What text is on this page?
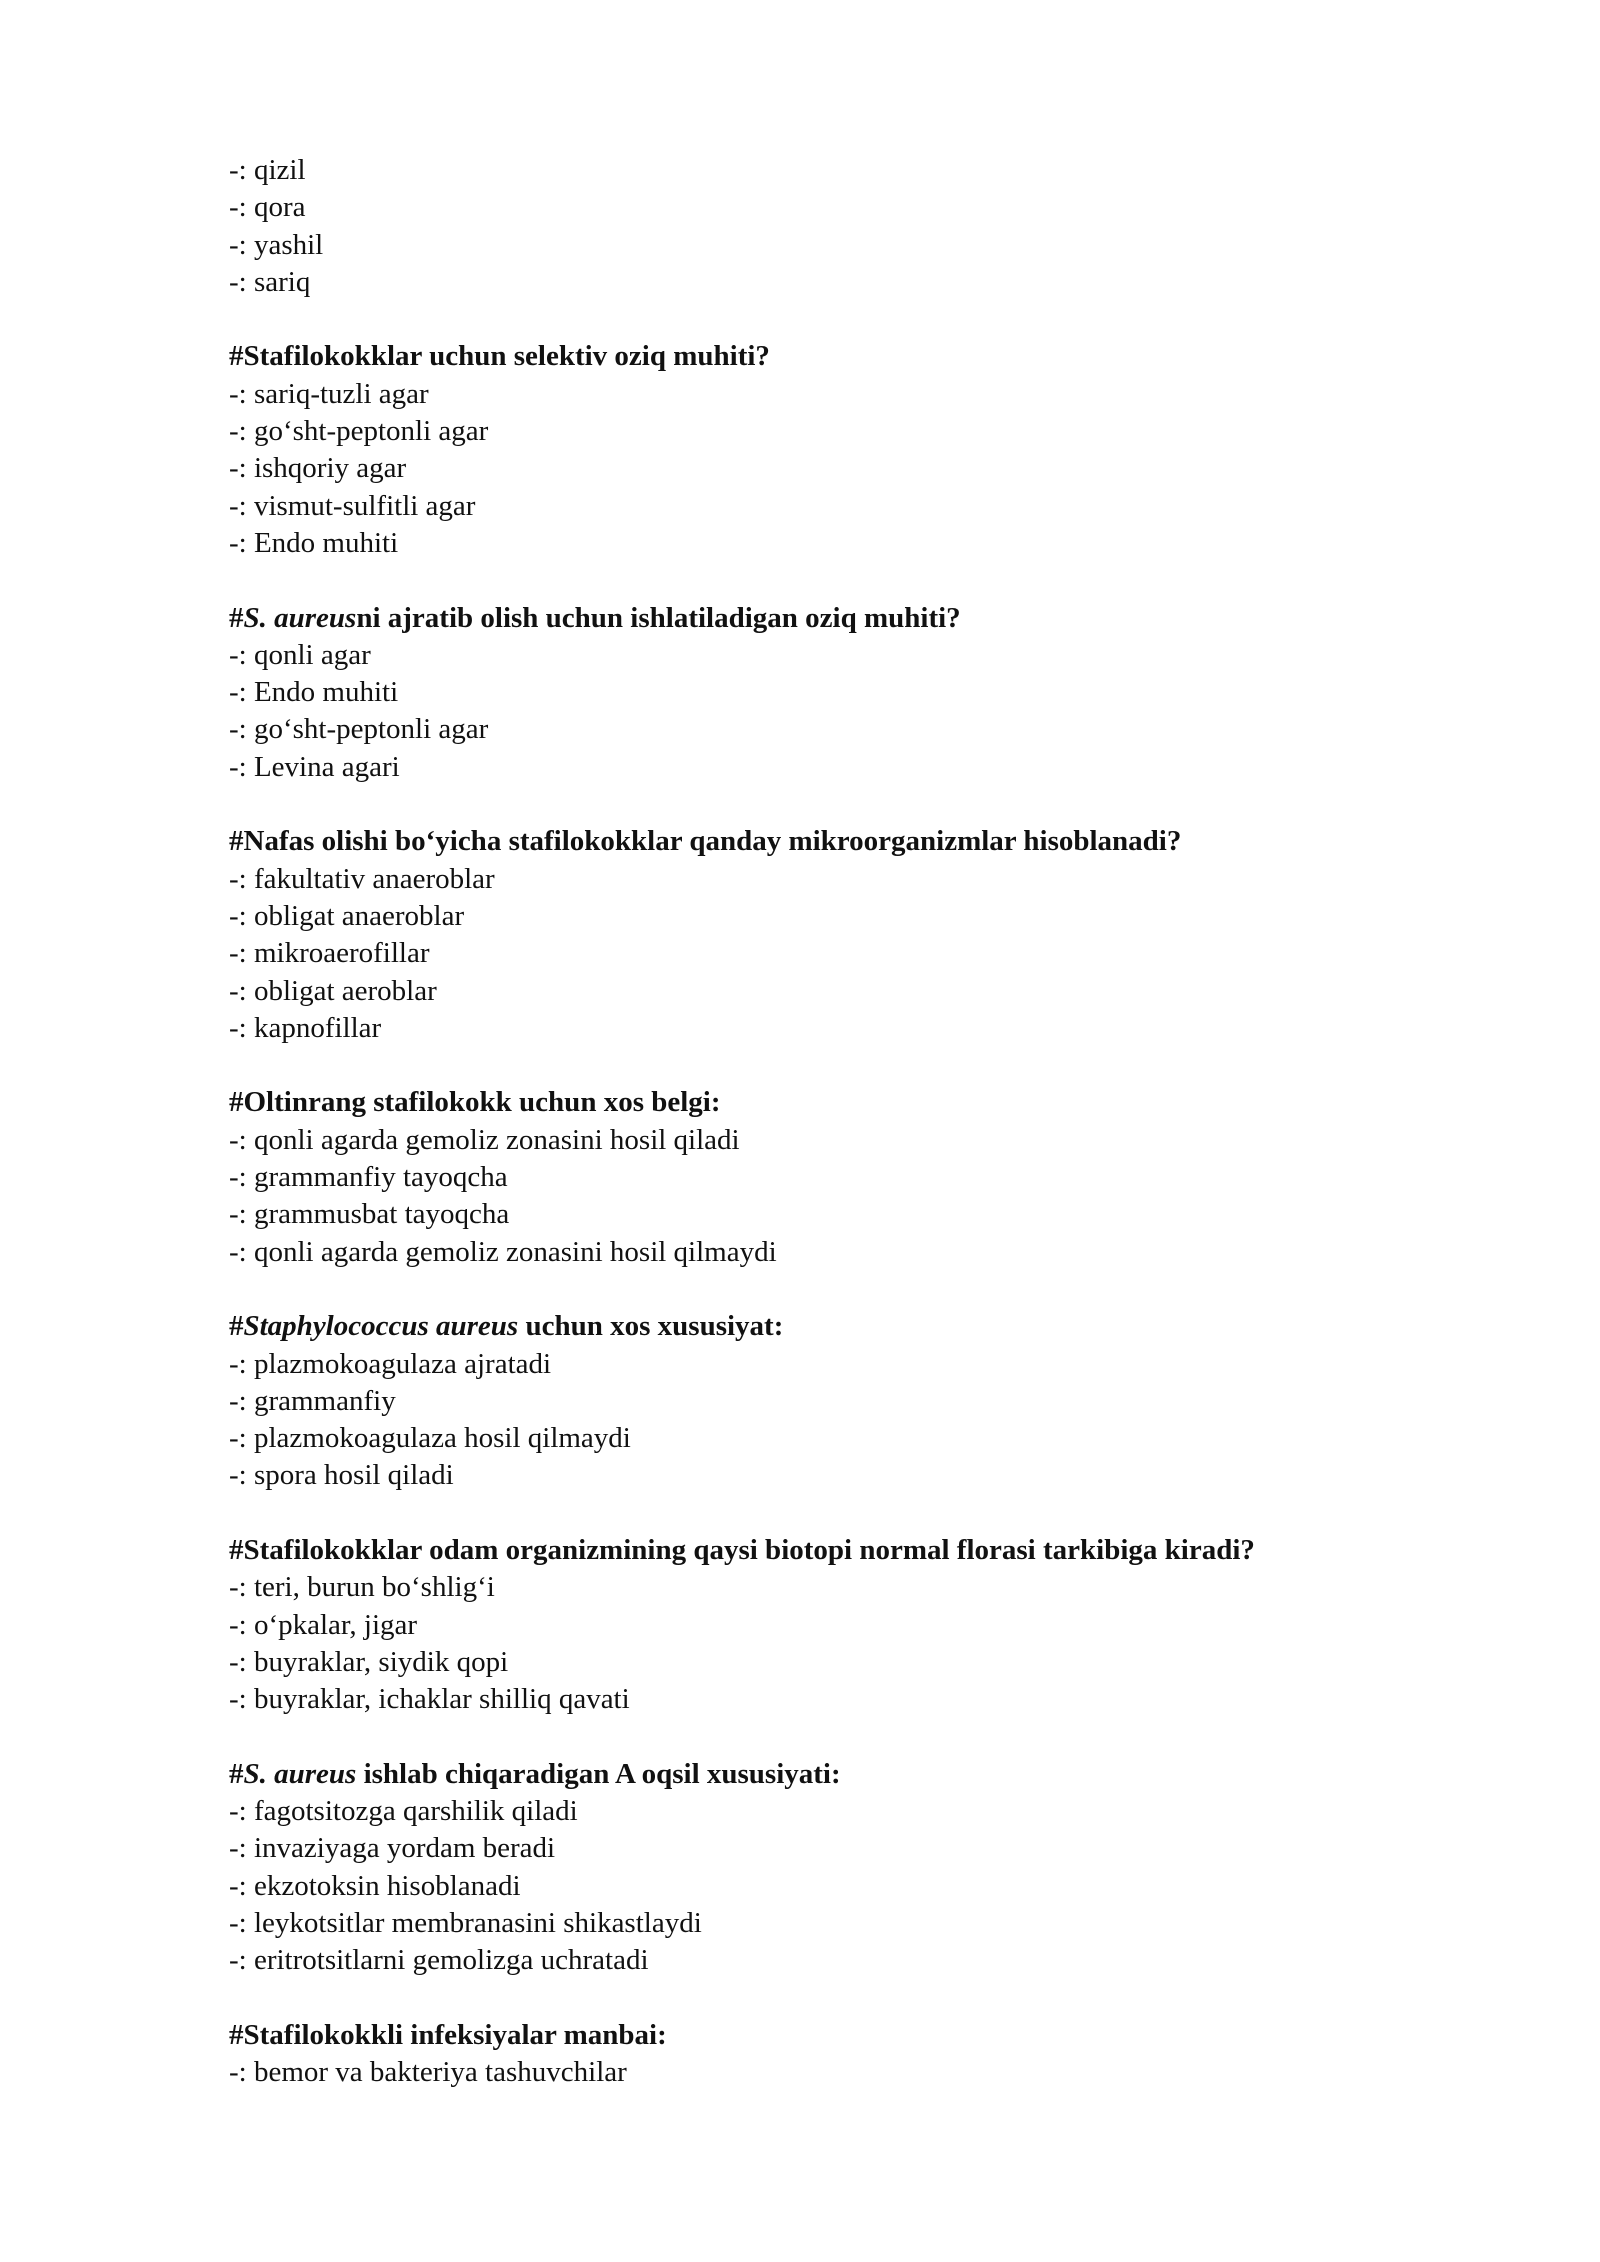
-: qizil
-: qora
-: yashil
-: sariq
#Stafilokokklar uchun selektiv oziq muhiti?
-: sariq-tuzli agar
-: go‘sht-peptonli agar
-: ishqoriy agar
-: vismut-sulfitli agar
-: Endo muhiti
#S. aureusni ajratib olish uchun ishlatiladigan oziq muhiti?
-: qonli agar
-: Endo muhiti
-: go‘sht-peptonli agar
-: Levina agari
#Nafas olishi bo‘yicha stafilokokklar qanday mikroorganizmlar hisoblanadi?
-: fakultativ anaeroblar
-: obligat anaeroblar
-: mikroaerofillar
-: obligat aeroblar
-: kapnofillar
#Oltinrang stafilokokk uchun xos belgi:
-: qonli agarda gemoliz zonasini hosil qiladi
-: grammanfiy tayoqcha
-: grammusbat tayoqcha
-: qonli agarda gemoliz zonasini hosil qilmaydi
#Staphylococcus aureus uchun xos xususiyat:
-: plazmokoagulaza ajratadi
-: grammanfiy
-: plazmokoagulaza hosil qilmaydi
-: spora hosil qiladi
#Stafilokokklar odam organizmining qaysi biotopi normal florasi tarkibiga kiradi?
-: teri, burun bo‘shlig‘i
-: o‘pkalar, jigar
-: buyraklar, siydik qopi
-: buyraklar, ichaklar shilliq qavati
#S. aureus ishlab chiqaradigan A oqsil xususiyati:
-: fagotsitozga qarshilik qiladi
-: invaziyaga yordam beradi
-: ekzotoksin hisoblanadi
-: leykotsitlar membranasini shikastlaydi
-: eritrotsitlarni gemolizga uchratadi
#Stafilokokkli infeksiyalar manbai:
-: bemor va bakteriya tashuvchilar
